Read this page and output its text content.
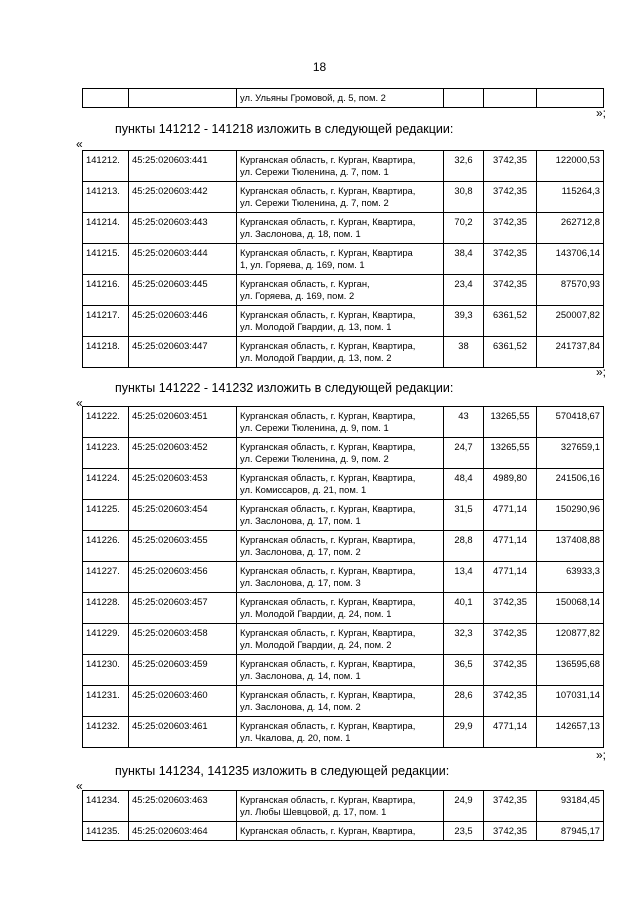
18
		ул. Ульяны Громовой, д. 5, пом. 2			
»;
пункты 141212 - 141218 изложить в следующей редакции:
«
141212.	45:25:020603:441	Курганская область, г. Курган, Квартира,
ул. Сережи Тюленина, д. 7, пом. 1	32,6	3742,35	122000,53
141213.	45:25:020603:442	Курганская область, г. Курган, Квартира,
ул. Сережи Тюленина, д. 7, пом. 2	30,8	3742,35	115264,3
141214.	45:25:020603:443	Курганская область, г. Курган, Квартира,
ул. Заслонова, д. 18, пом. 1	70,2	3742,35	262712,8
141215.	45:25:020603:444	Курганская область, г. Курган, Квартира
1, ул. Горяева, д. 169, пом. 1	38,4	3742,35	143706,14
141216.	45:25:020603:445	Курганская область, г. Курган,
ул. Горяева, д. 169, пом. 2	23,4	3742,35	87570,93
141217.	45:25:020603:446	Курганская область, г. Курган, Квартира,
ул. Молодой Гвардии, д. 13, пом. 1	39,3	6361,52	250007,82
141218.	45:25:020603:447	Курганская область, г. Курган, Квартира,
ул. Молодой Гвардии, д. 13, пом. 2	38	6361,52	241737,84
»;
пункты 141222 - 141232 изложить в следующей редакции:
«
141222.	45:25:020603:451	Курганская область, г. Курган, Квартира,
ул. Сережи Тюленина, д. 9, пом. 1	43	13265,55	570418,67
141223.	45:25:020603:452	Курганская область, г. Курган, Квартира,
ул. Сережи Тюленина, д. 9, пом. 2	24,7	13265,55	327659,1
141224.	45:25:020603:453	Курганская область, г. Курган, Квартира,
ул. Комиссаров, д. 21, пом. 1	48,4	4989,80	241506,16
141225.	45:25:020603:454	Курганская область, г. Курган, Квартира,
ул. Заслонова, д. 17, пом. 1	31,5	4771,14	150290,96
141226.	45:25:020603:455	Курганская область, г. Курган, Квартира,
ул. Заслонова, д. 17, пом. 2	28,8	4771,14	137408,88
141227.	45:25:020603:456	Курганская область, г. Курган, Квартира,
ул. Заслонова, д. 17, пом. 3	13,4	4771,14	63933,3
141228.	45:25:020603:457	Курганская область, г. Курган, Квартира,
ул. Молодой Гвардии, д. 24, пом. 1	40,1	3742,35	150068,14
141229.	45:25:020603:458	Курганская область, г. Курган, Квартира,
ул. Молодой Гвардии, д. 24, пом. 2	32,3	3742,35	120877,82
141230.	45:25:020603:459	Курганская область, г. Курган, Квартира,
ул. Заслонова, д. 14, пом. 1	36,5	3742,35	136595,68
141231.	45:25:020603:460	Курганская область, г. Курган, Квартира,
ул. Заслонова, д. 14, пом. 2	28,6	3742,35	107031,14
141232.	45:25:020603:461	Курганская область, г. Курган, Квартира,
ул. Чкалова, д. 20, пом. 1	29,9	4771,14	142657,13
»;
пункты 141234, 141235 изложить в следующей редакции:
«
141234.	45:25:020603:463	Курганская область, г. Курган, Квартира,
ул. Любы Шевцовой, д. 17, пом. 1	24,9	3742,35	93184,45
141235.	45:25:020603:464	Курганская область, г. Курган, Квартира,	23,5	3742,35	87945,17
